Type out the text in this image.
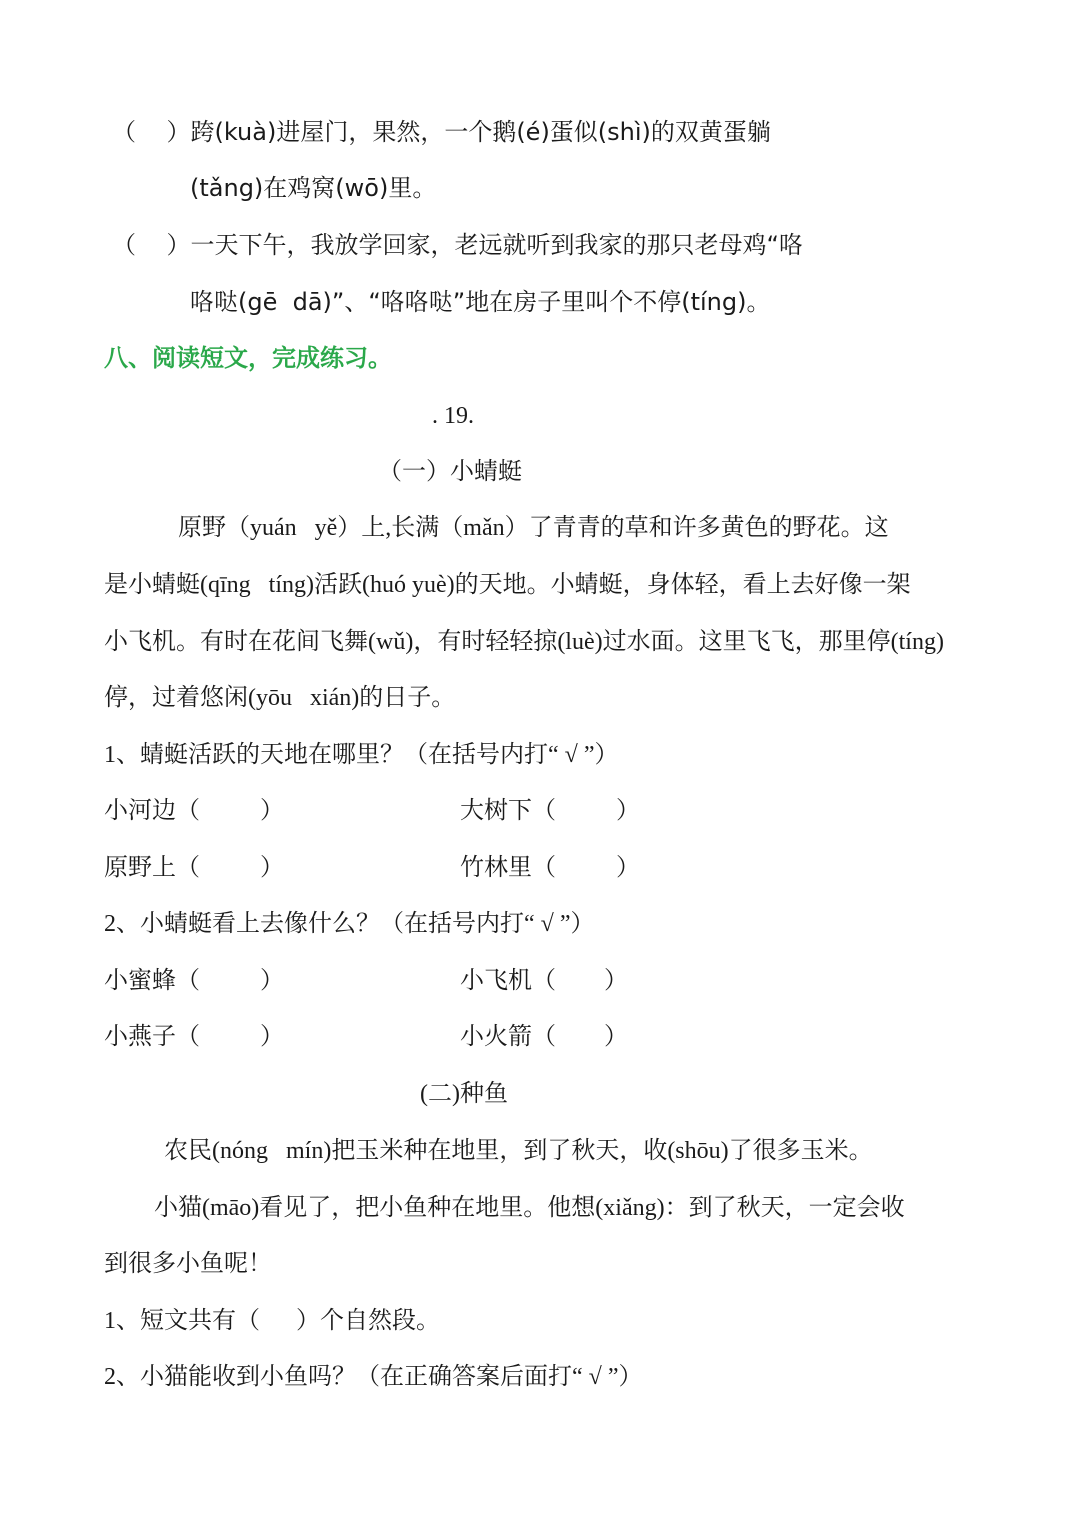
（    ）跨(kuà)进屋门，果然，一个鹅(é)蛋似(shì)的双黄蛋躺
(tǎng)在鸡窝(wō)里。
（    ）一天下午，我放学回家，老远就听到我家的那只老母鸡“咯
咯哒(gē  dā)”、“咯咯哒”地在房子里叫个不停(tíng)。
八、阅读短文，完成练习。
. 19.
（一）小蜻蜓
原野（yuán   yě）上,长满（mǎn）了青青的草和许多黄色的野花。这
是小蜻蜓(qīng   tíng)活跃(huó yuè)的天地。小蜻蜓，身体轻，看上去好像一架
小飞机。有时在花间飞舞(wǔ)，有时轻轻掠(luè)过水面。这里飞飞，那里停(tíng)
停，过着悠闲(yōu   xián)的日子。
1、蜻蜓活跃的天地在哪里？（在括号内打“ √ ”）
小河边（          ）	大树下（          ）
原野上（          ）	竹林里（          ）
2、小蜻蜓看上去像什么？（在括号内打“ √ ”）
小蜜蜂（          ）	小飞机（        ）
小燕子（          ）	小火箭（        ）
(二)种鱼
农民(nóng   mín)把玉米种在地里，到了秋天，收(shōu)了很多玉米。
小猫(māo)看见了，把小鱼种在地里。他想(xiǎng)：到了秋天，一定会收
到很多小鱼呢！
1、短文共有（      ）个自然段。
2、小猫能收到小鱼吗？（在正确答案后面打“ √ ”）
